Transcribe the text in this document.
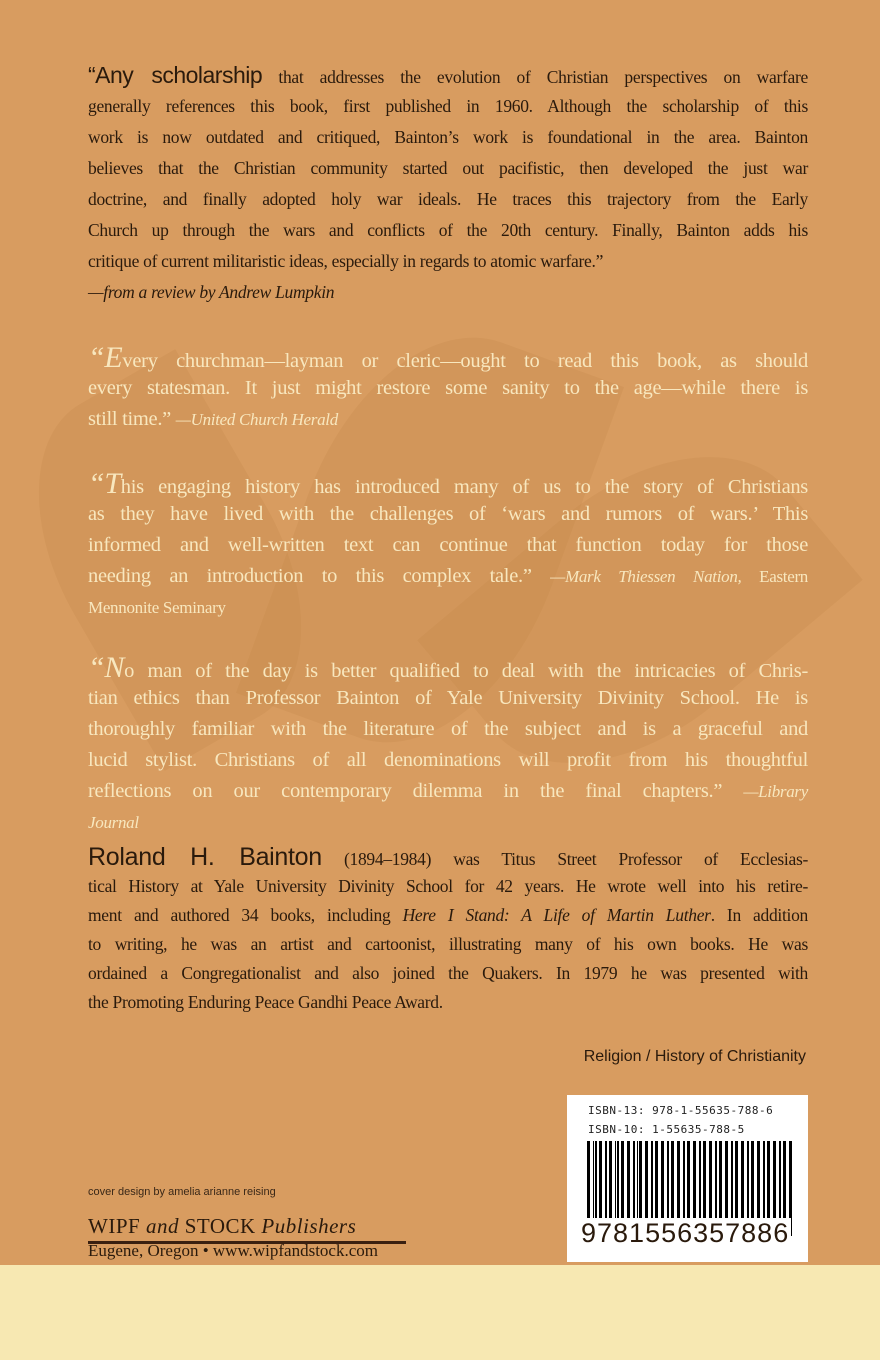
“Any scholarship that addresses the evolution of Christian perspectives on warfare
generally references this book, first published in 1960. Although the scholarship of this
work is now outdated and critiqued, Bainton’s work is foundational in the area. Bainton
believes that the Christian community started out pacifistic, then developed the just war
doctrine, and finally adopted holy war ideals. He traces this trajectory from the Early
Church up through the wars and conflicts of the 20th century. Finally, Bainton adds his
critique of current militaristic ideas, especially in regards to atomic warfare.”
—from a review by Andrew Lumpkin
“Every churchman—layman or cleric—ought to read this book, as should
every statesman. It just might restore some sanity to the age—while there is
still time.” —United Church Herald
“This engaging history has introduced many of us to the story of Christians
as they have lived with the challenges of ‘wars and rumors of wars.’ This
informed and well-written text can continue that function today for those
needing an introduction to this complex tale.” —Mark Thiessen Nation, Eastern
Mennonite Seminary
“No man of the day is better qualified to deal with the intricacies of Chris-
tian ethics than Professor Bainton of Yale University Divinity School. He is
thoroughly familiar with the literature of the subject and is a graceful and
lucid stylist. Christians of all denominations will profit from his thoughtful
reflections on our contemporary dilemma in the final chapters.” —Library
Journal
Roland H. Bainton (1894–1984) was Titus Street Professor of Ecclesias-
tical History at Yale University Divinity School for 42 years. He wrote well into his retire-
ment and authored 34 books, including Here I Stand: A Life of Martin Luther. In addition
to writing, he was an artist and cartoonist, illustrating many of his own books. He was
ordained a Congregationalist and also joined the Quakers. In 1979 he was presented with
the Promoting Enduring Peace Gandhi Peace Award.
Religion / History of Christianity
ISBN-13: 978-1-55635-788-6
ISBN-10: 1-55635-788-5
9781556357886
cover design by amelia arianne reising
WIPF and STOCK Publishers
Eugene, Oregon • www.wipfandstock.com
